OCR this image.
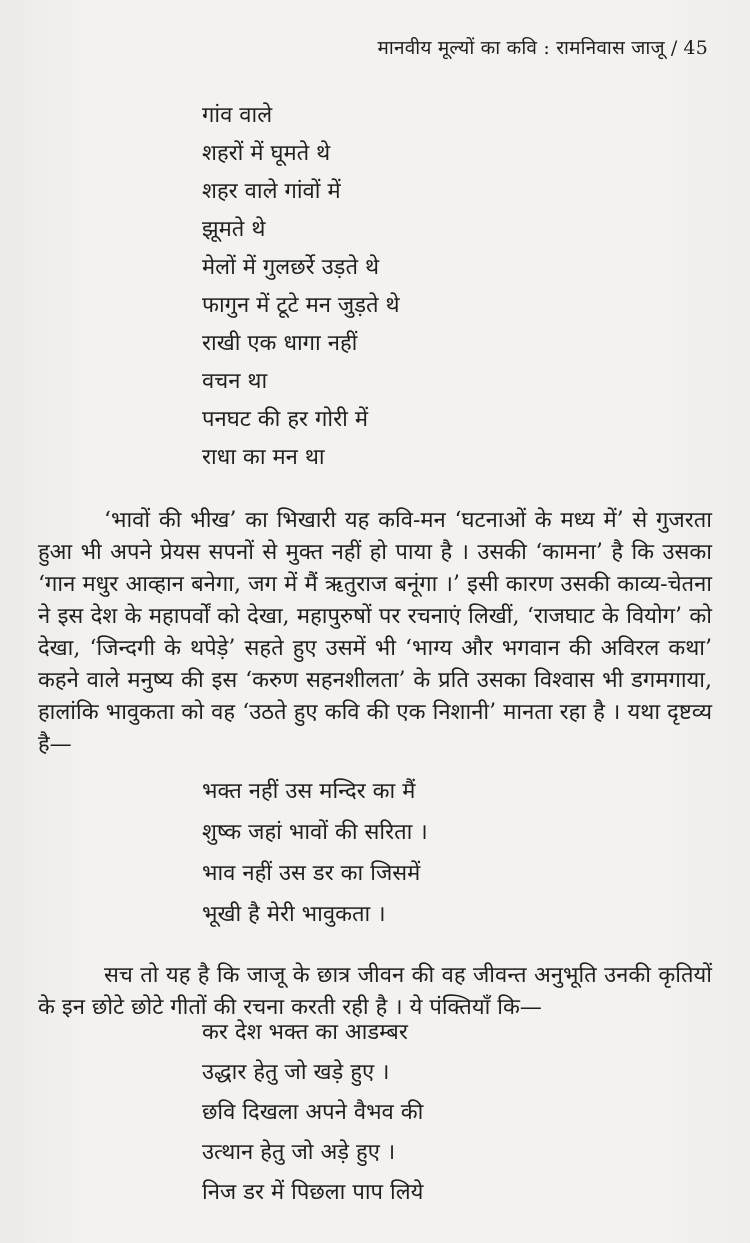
मानवीय मूल्यों का कवि : रामनिवास जाजू / 45
गांव वाले
शहरों में घूमते थे
शहर वाले गांवों में
झूमते थे
मेलों में गुलछर्रे उड़ते थे
फागुन में टूटे मन जुड़ते थे
राखी एक धागा नहीं
वचन था
पनघट की हर गोरी में
राधा का मन था

‘भावों की भीख’ का भिखारी यह कवि-मन ‘घटनाओं के मध्य में’ से गुजरता हुआ भी अपने प्रेयस सपनों से मुक्त नहीं हो पाया है । उसकी ‘कामना’ है कि उसका ‘गान मधुर आव्हान बनेगा, जग में मैं ऋतुराज बनूंगा ।’ इसी कारण उसकी काव्य-चेतना ने इस देश के महापर्वों को देखा, महापुरुषों पर रचनाएं लिखीं, ‘राजघाट के वियोग’ को देखा, ‘जिन्दगी के थपेड़े’ सहते हुए उसमें भी ‘भाग्य और भगवान की अविरल कथा’ कहने वाले मनुष्य की इस ‘करुण सहनशीलता’ के प्रति उसका विश्वास भी डगमगाया, हालांकि भावुकता को वह ‘उठते हुए कवि की एक निशानी’ मानता रहा है । यथा दृष्टव्य है—

भक्त नहीं उस मन्दिर का मैं
शुष्क जहां भावों की सरिता ।
भाव नहीं उस डर का जिसमें
भूखी है मेरी भावुकता ।

सच तो यह है कि जाजू के छात्र जीवन की वह जीवन्त अनुभूति उनकी कृतियों के इन छोटे छोटे गीतों की रचना करती रही है । ये पंक्तियाँ कि—

कर देश भक्त का आडम्बर
उद्धार हेतु जो खड़े हुए ।
छवि दिखला अपने वैभव की
उत्थान हेतु जो अड़े हुए ।
निज डर में पिछला पाप लिये
